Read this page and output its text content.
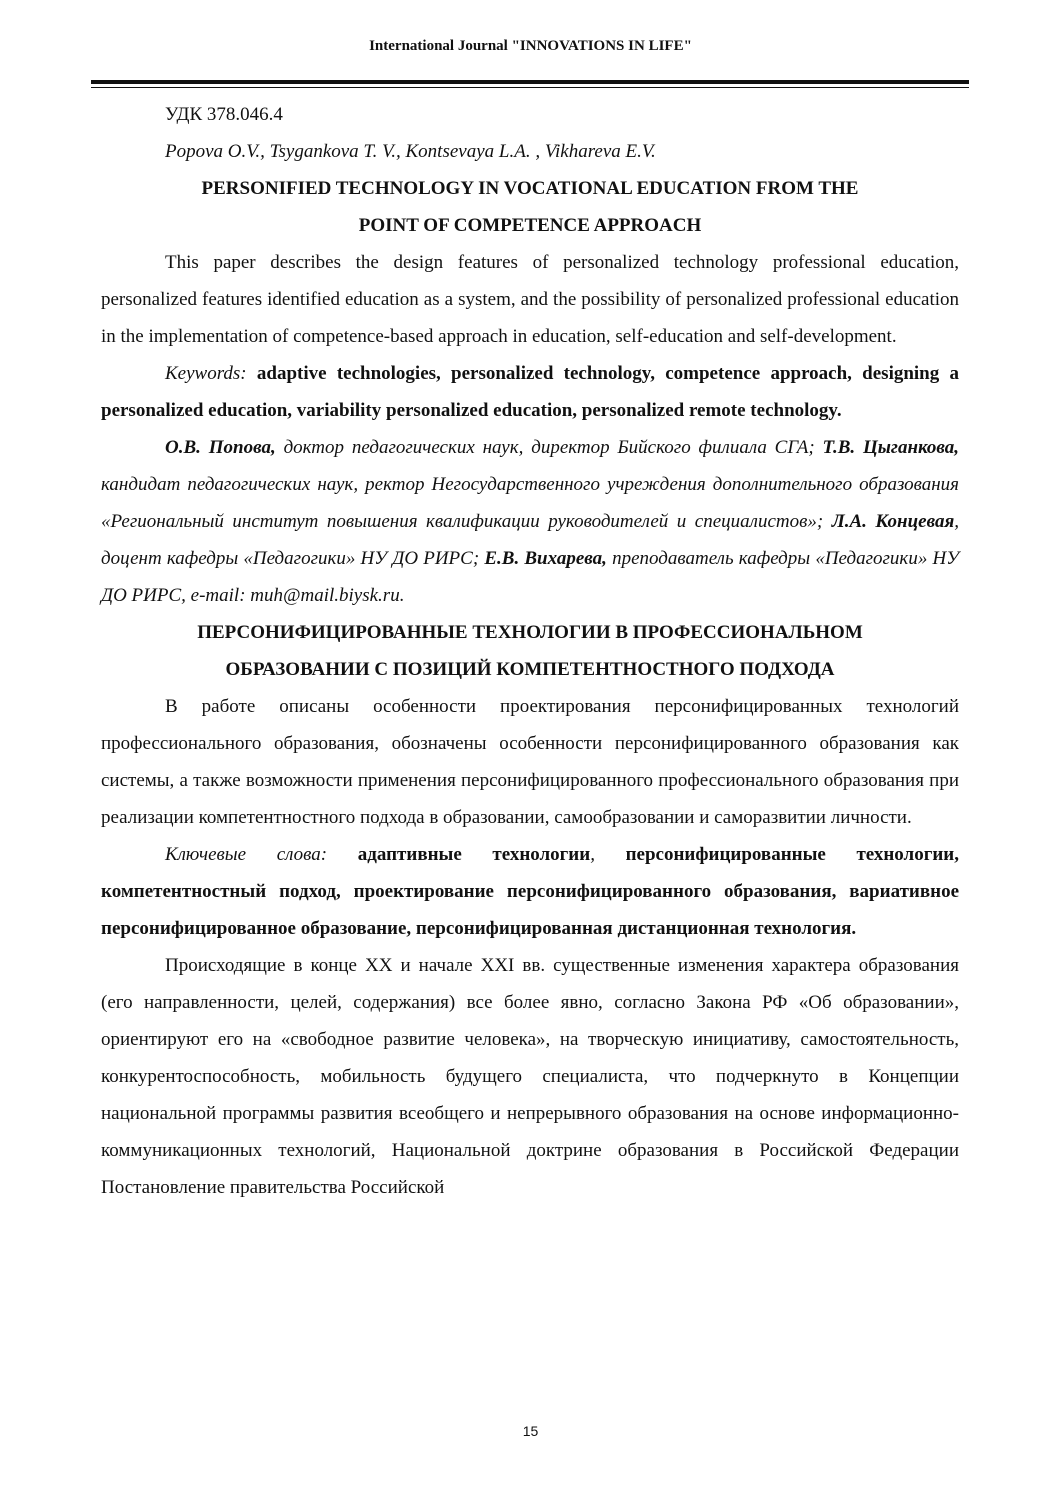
International Journal "INNOVATIONS IN LIFE"

УДК 378.046.4

Popova O.V., Tsygankova T. V., Kontsevaya L.A. , Vikhareva E.V.

PERSONIFIED TECHNOLOGY IN VOCATIONAL EDUCATION FROM THE
POINT OF COMPETENCE APPROACH

This paper describes the design features of personalized technology professional education, personalized features identified education as a system, and the possibility of personalized professional education in the implementation of competence-based approach in education, self-education and self-development.

Keywords: adaptive technologies, personalized technology, competence approach, designing a personalized education, variability personalized education, personalized remote technology.

О.В. Попова, доктор педагогических наук, директор Бийского филиала СГА; Т.В. Цыганкова, кандидат педагогических наук, ректор Негосударственного учреждения дополнительного образования «Региональный институт повышения квалификации руководителей и специалистов»; Л.А. Концевая, доцент кафедры «Педагогики» НУ ДО РИРС; Е.В. Вихарева, преподаватель кафедры «Педагогики» НУ ДО РИРС, e-mail: muh@mail.biysk.ru.

ПЕРСОНИФИЦИРОВАННЫЕ ТЕХНОЛОГИИ В ПРОФЕССИОНАЛЬНОМ
ОБРАЗОВАНИИ С ПОЗИЦИЙ КОМПЕТЕНТНОСТНОГО ПОДХОДА

В работе описаны особенности проектирования персонифицированных технологий профессионального образования, обозначены особенности персонифицированного образования как системы, а также возможности применения персонифицированного профессионального образования при реализации компетентностного подхода в образовании, самообразовании и саморазвитии личности.

Ключевые слова: адаптивные технологии, персонифицированные технологии, компетентностный подход, проектирование персонифицированного образования, вариативное персонифицированное образование, персонифицированная дистанционная технология.

Происходящие в конце XX и начале XXI вв. существенные изменения характера образования (его направленности, целей, содержания) все более явно, согласно Закона РФ «Об образовании», ориентируют его на «свободное развитие человека», на творческую инициативу, самостоятельность, конкурентоспособность, мобильность будущего специалиста, что подчеркнуто в Концепции национальной программы развития всеобщего и непрерывного образования на основе информационно-коммуникационных технологий, Национальной доктрине образования в Российской Федерации Постановление правительства Российской

15
